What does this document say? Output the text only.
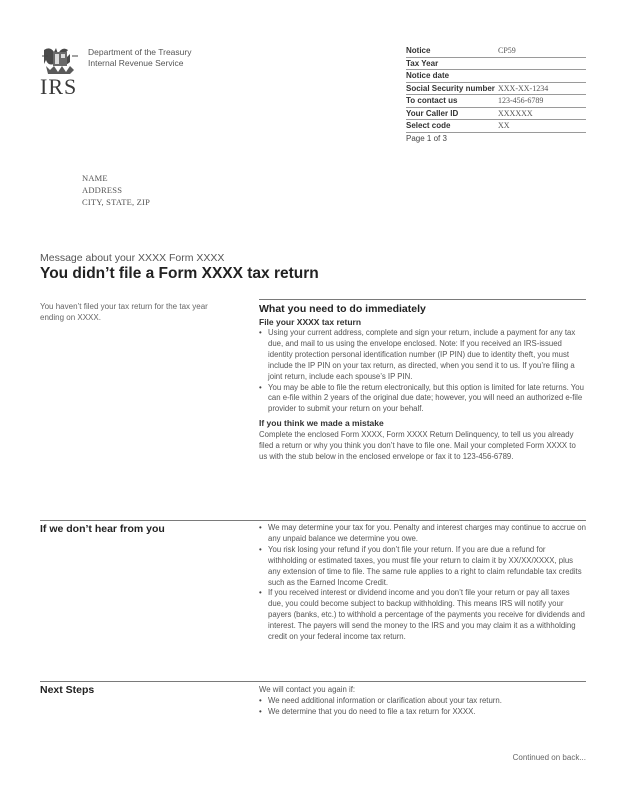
IRS
Department of the Treasury
Internal Revenue Service
Notice	CP59
Tax Year
Notice date
Social Security number XXX-XX-1234
To contact us	123-456-6789
Your Caller ID	XXXXXX
Select code	XX
Page 1 of 3
NAME
ADDRESS
CITY, STATE, ZIP
Message about your XXXX Form XXXX
You didn’t file a Form XXXX tax return
You haven’t filed your tax return for the tax year ending on XXXX.
What you need to do immediately
File your XXXX tax return
• Using your current address, complete and sign your return, include a payment for any tax due, and mail to us using the envelope enclosed. Note: If you received an IRS-issued identity protection personal identification number (IP PIN) due to identity theft, you must include the IP PIN on your tax return, as directed, when you send it to us. If you’re filing a joint return, include each spouse’s IP PIN.
• You may be able to file the return electronically, but this option is limited for late returns. You can e-file within 2 years of the original due date; however, you will need an authorized e-file provider to submit your return on your behalf.
If you think we made a mistake
Complete the enclosed Form XXXX, Form XXXX Return Delinquency, to tell us you already filed a return or why you think you don’t have to file one. Mail your completed Form XXXX to us with the stub below in the enclosed envelope or fax it to 123-456-6789.
If we don’t hear from you
•	We may determine your tax for you. Penalty and interest charges may continue to accrue on any unpaid balance we determine you owe.
• You risk losing your refund if you don’t file your return. If you are due a refund for withholding or estimated taxes, you must file your return to claim it by XX/XX/XXXX, plus any extension of time to file. The same rule applies to a right to claim refundable tax credits such as the Earned Income Credit.
• If you received interest or dividend income and you don’t file your return or pay all taxes due, you could become subject to backup withholding. This means IRS will notify your payers (banks, etc.) to withhold a percentage of the payments you receive for dividends and interest. The payers will send the money to the IRS and you may claim it as a withholding credit on your federal income tax return.
Next Steps	We will contact you again if:
• We need additional information or clarification about your tax return.
• We determine that you do need to file a tax return for XXXX.
Continued on back...
